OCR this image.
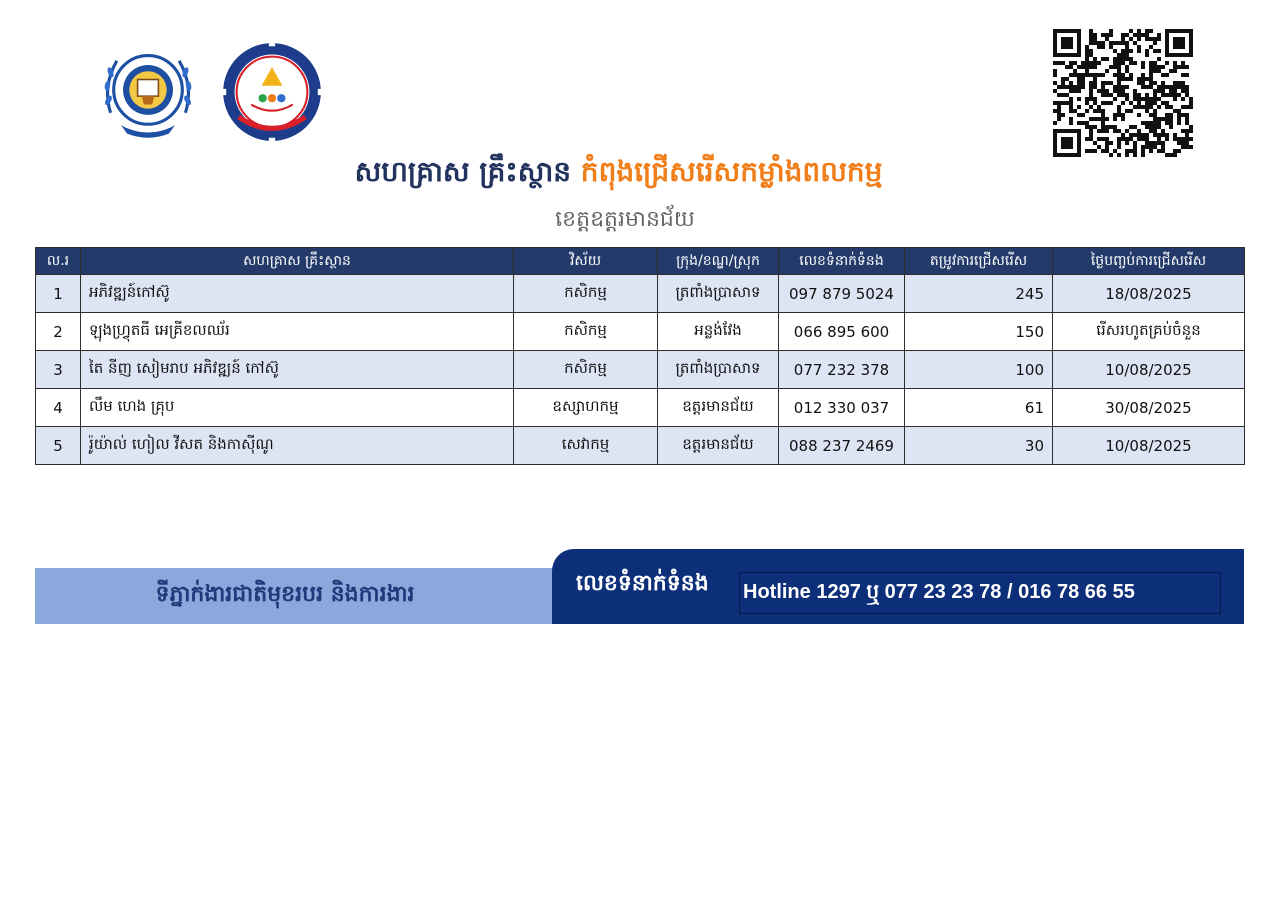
សហគ្រាស គ្រឹះស្ថាន កំពុងជ្រើសរើសកម្លាំងពលកម្ម
ខេត្តឧត្តរមានជ័យ
ល.រ	សហគ្រាស គ្រឹះស្ថាន	វិស័យ	ក្រុង/ខណ្ឌ/ស្រុក	លេខទំនាក់ទំនង	តម្រូវការជ្រើសរើស	ថ្ងៃបញ្ចប់ការជ្រើសរើស
1	អភិវឌ្ឍន៍កៅស៊ូ	កសិកម្ម	ត្រពាំងប្រាសាទ	097 879 5024	245	18/08/2025
2	ឡុងហ្វ្រុតធី អេគ្រីខលឈ័រ	កសិកម្ម	អន្លង់វែង	066 895 600	150	រើសរហូតគ្រប់ចំនួន
3	តៃ នីញ សៀមរាប អភិវឌ្ឍន៍ កៅស៊ូ	កសិកម្ម	ត្រពាំងប្រាសាទ	077 232 378	100	10/08/2025
4	លឹម ហេង គ្រុប	ឧស្សាហកម្ម	ឧត្តរមានជ័យ	012 330 037	61	30/08/2025
5	រ៉ូយ៉ាល់ ហៀល វីសត និងកាស៊ីណូ	សេវាកម្ម	ឧត្តរមានជ័យ	088 237 2469	30	10/08/2025
ទីភ្នាក់ងារជាតិមុខរបរ និងការងារ	លេខទំនាក់ទំនង Hotline 1297 ឬ 077 23 23 78 / 016 78 66 55
